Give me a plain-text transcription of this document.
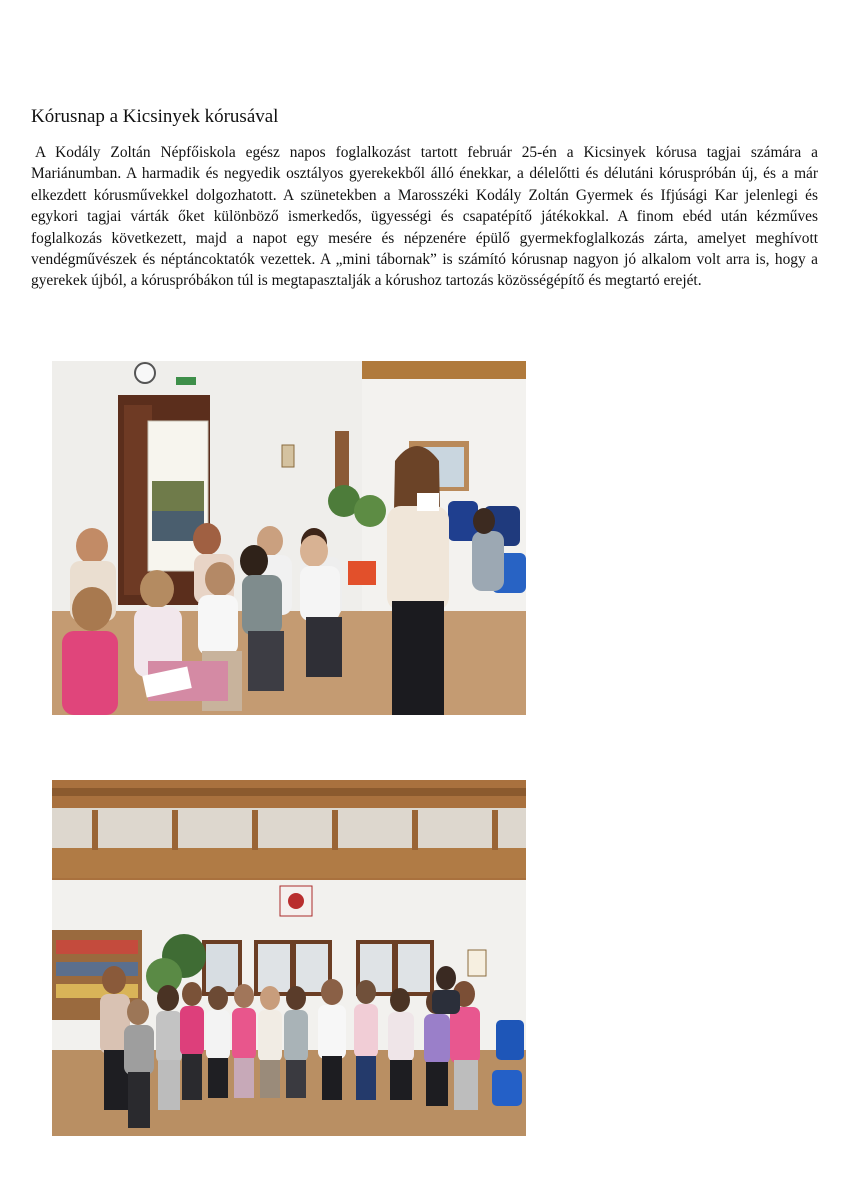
Kórusnap a Kicsinyek kórusával

A Kodály Zoltán Népfőiskola egész napos foglalkozást tartott február 25-én a Kicsinyek kórusa tagjai számára a Mariánumban. A harmadik és negyedik osztályos gyerekekből álló énekkar, a délelőtti és délutáni kóruspróbán új, és a már elkezdett kórusművekkel dolgozhatott. A szünetekben a Marosszéki Kodály Zoltán Gyermek és Ifjúsági Kar jelenlegi és egykori tagjai várták őket különböző ismerkedős, ügyességi és csapatépítő játékokkal. A finom ebéd után kézműves foglalkozás következett, majd a napot egy mesére és népzenére épülő gyermekfoglalkozás zárta, amelyet meghívott vendégművészek és néptáncoktatók vezettek. A „mini tábornak” is számító kórusnap nagyon jó alkalom volt arra is, hogy a gyerekek újból, a kóruspróbákon túl is megtapasztalják a kórushoz tartozás közösségépítő és megtartó erejét.
